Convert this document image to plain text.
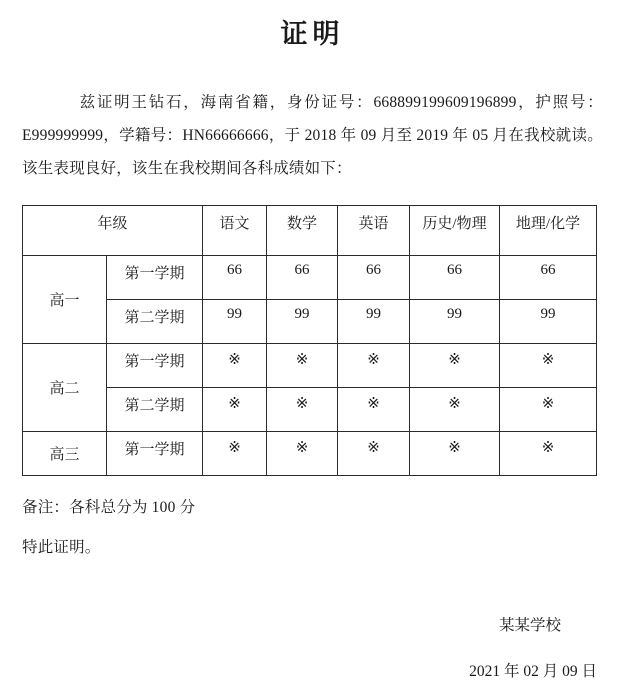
证明

兹证明王钻石，海南省籍，身份证号：668899199609196899，护照号：E999999999，学籍号：HN66666666，于 2018 年 09 月至 2019 年 05 月在我校就读。该生表现良好，该生在我校期间各科成绩如下：

年级		语文	数学	英语	历史/物理	地理/化学
高一	第一学期	66	66	66	66	66
	第二学期	99	99	99	99	99
高二	第一学期	※	※	※	※	※
	第二学期	※	※	※	※	※
高三	第一学期	※	※	※	※	※

备注：各科总分为 100 分

特此证明。

某某学校
2021 年 02 月 09 日
